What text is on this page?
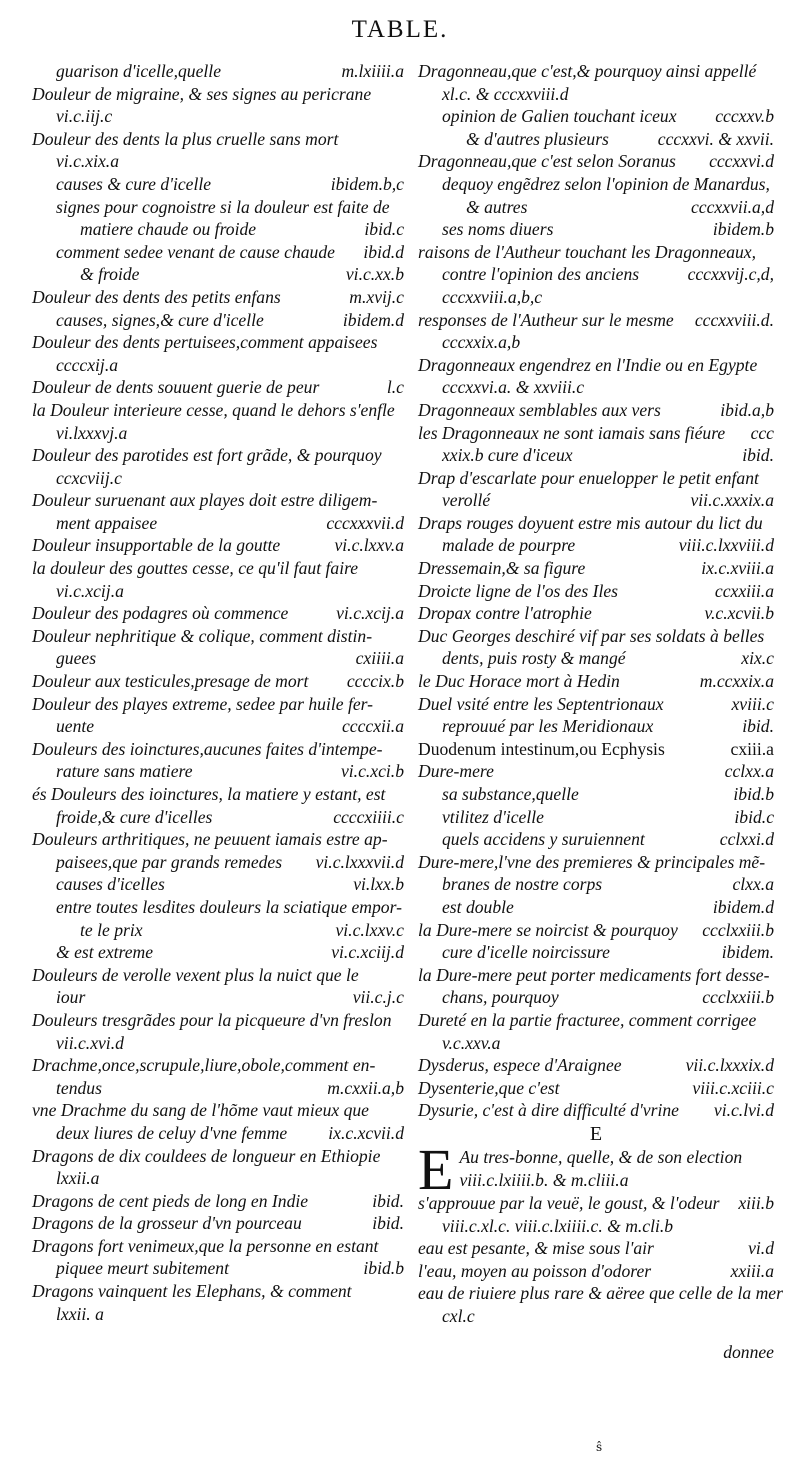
TABLE.
guarison d'icelle,quelle	m.lxiiii.a
Douleur de migraine, & ses signes au pericrane
vi.c.iij.c
Douleur des dents la plus cruelle sans mort
vi.c.xix.a
causes & cure d'icelle	ibidem.b,c
signes pour cognoistre si la douleur est faite de
matiere chaude ou froide	ibid.c
comment sedee venant de cause chaude	ibid.d
& froide	vi.c.xx.b
Douleur des dents des petits enfans	m.xvij.c
causes, signes,& cure d'icelle	ibidem.d
Douleur des dents pertuisees,comment appaisees
ccccxij.a
Douleur de dents souuent guerie de peur	l.c
la Douleur interieure cesse, quand le dehors s'enfle
vi.lxxxvj.a
Douleur des parotides est fort grãde, & pourquoy
ccxcviij.c
Douleur suruenant aux playes doit estre diligem-
ment appaisee	cccxxxvii.d
Douleur insupportable de la goutte	vi.c.lxxv.a
la douleur des gouttes cesse, ce qu'il faut faire
vi.c.xcij.a
Douleur des podagres où commence	vi.c.xcij.a
Douleur nephritique & colique, comment distin-
guees	cxiiii.a
Douleur aux testicules,presage de mort	ccccix.b
Douleur des playes extreme, sedee par huile fer-
uente	ccccxii.a
Douleurs des ioinctures,aucunes faites d'intempe-
rature sans matiere	vi.c.xci.b
és Douleurs des ioinctures, la matiere y estant, est
froide,& cure d'icelles	ccccxiiii.c
Douleurs arthritiques, ne peuuent iamais estre ap-
paisees,que par grands remedes	vi.c.lxxxvii.d
causes d'icelles	vi.lxx.b
entre toutes lesdites douleurs la sciatique empor-
te le prix	vi.c.lxxv.c
& est extreme	vi.c.xciij.d
Douleurs de verolle vexent plus la nuict que le
iour	vii.c.j.c
Douleurs tresgrãdes pour la picqueure d'vn freslon
vii.c.xvi.d
Drachme,once,scrupule,liure,obole,comment en-
tendus	m.cxxii.a,b
vne Drachme du sang de l'hõme vaut mieux que
deux liures de celuy d'vne femme	ix.c.xcvii.d
Dragons de dix couldees de longueur en Ethiopie
lxxii.a
Dragons de cent pieds de long en Indie	ibid.
Dragons de la grosseur d'vn pourceau	ibid.
Dragons fort venimeux,que la personne en estant
piquee meurt subitement	ibid.b
Dragons vainquent les Elephans, & comment
lxxii. a
Dragonneau,que c'est,& pourquoy ainsi appellé
xl.c. & cccxxviii.d
opinion de Galien touchant iceux	cccxxv.b
& d'autres plusieurs	cccxxvi. & xxvii.
Dragonneau,que c'est selon Soranus	cccxxvi.d
dequoy engẽdrez selon l'opinion de Manardus,
& autres	cccxxvii.a,d
ses noms diuers	ibidem.b
raisons de l'Autheur touchant les Dragonneaux,
contre l'opinion des anciens	cccxxvij.c,d,
cccxxviii.a,b,c
responses de l'Autheur sur le mesme	cccxxviii.d.
cccxxix.a,b
Dragonneaux engendrez en l'Indie ou en Egypte
cccxxvi.a. & xxviii.c
Dragonneaux semblables aux vers	ibid.a,b
les Dragonneaux ne sont iamais sans fiéure	ccc
xxix.b cure d'iceux	ibid.
Drap d'escarlate pour enuelopper le petit enfant
verollé	vii.c.xxxix.a
Draps rouges doyuent estre mis autour du lict du
malade de pourpre	viii.c.lxxviii.d
Dressemain,& sa figure	ix.c.xviii.a
Droicte ligne de l'os des Iles	ccxxiii.a
Dropax contre l'atrophie	v.c.xcvii.b
Duc Georges deschiré vif par ses soldats à belles
dents, puis rosty & mangé	xix.c
le Duc Horace mort à Hedin	m.ccxxix.a
Duel vsité entre les Septentrionaux	xviii.c
reprouué par les Meridionaux	ibid.
Duodenum intestinum,ou Ecphysis	cxiii.a
Dure-mere	cclxx.a
sa substance,quelle	ibid.b
vtilitez d'icelle	ibid.c
quels accidens y suruiennent	cclxxi.d
Dure-mere,l'vne des premieres & principales mẽ-
branes de nostre corps	clxx.a
est double	ibidem.d
la Dure-mere se noircist & pourquoy	ccclxxiii.b
cure d'icelle noircissure	ibidem.
la Dure-mere peut porter medicaments fort desse-
chans, pourquoy	ccclxxiii.b
Dureté en la partie fracturee, comment corrigee
v.c.xxv.a
Dysderus, espece d'Araignee	vii.c.lxxxix.d
Dysenterie,que c'est	viii.c.xciii.c
Dysurie, c'est à dire difficulté d'vrine	vi.c.lvi.d
E
E Au tres-bonne, quelle, & de son election
viii.c.lxiiii.b. & m.cliii.a
s'approuue par la veuë, le goust, & l'odeur	xiii.b
viii.c.xl.c. viii.c.lxiiii.c. & m.cli.b
eau est pesante, & mise sous l'air	vi.d
l'eau, moyen au poisson d'odorer	xxiii.a
eau de riuiere plus rare & aëree que celle de la mer
cxl.c
donnee
ŝ
